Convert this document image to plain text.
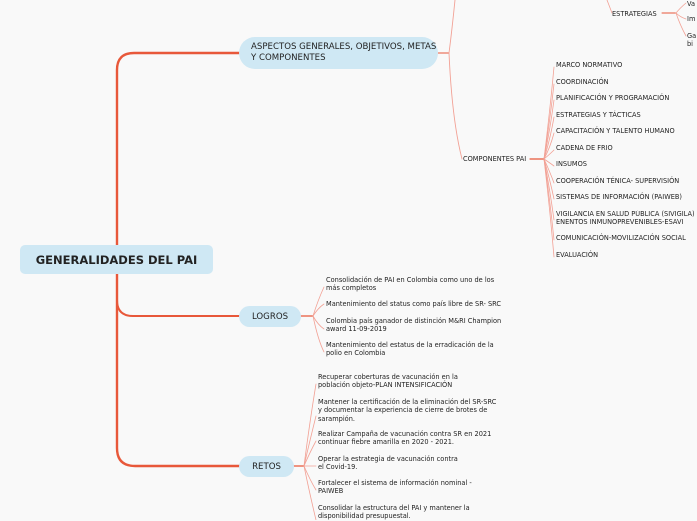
GENERALIDADES DEL PAI
ASPECTOS GENERALES, OBJETIVOS, METAS Y COMPONENTES
LOGROS
RETOS
ESTRATEGIAS
Va
Im
Ga bi
COMPONENTES PAI
MARCO NORMATIVO
COORDINACIÓN
PLANIFICACIÓN Y PROGRAMACIÓN
ESTRATEGIAS Y TÁCTICAS
CAPACITACIÓN Y TALENTO HUMANO
CADENA DE FRIO
INSUMOS
COOPERACIÓN TÉNICA- SUPERVISIÓN
SISTEMAS DE INFORMACIÓN (PAIWEB)
VIGILANCIA EN SALUD PÚBLICA (SIVIGILA) ENENTOS INMUNOPREVENIBLES-ESAVI
COMUNICACIÓN-MOVILIZACIÓN SOCIAL
EVALUACIÓN
Consolidación de PAI en Colombia como uno de los más completos
Mantenimiento del status como país libre de SR- SRC
Colombia país ganador de distinción M&RI Champion award 11-09-2019
Mantenimiento del estatus de la erradicación de la polio en Colombia
Recuperar coberturas de vacunación en la población objeto-PLAN INTENSIFICACIÓN
Mantener la certificación de la eliminación del SR-SRC y documentar la experiencia de cierre de brotes de sarampión.
Realizar Campaña de vacunación contra SR en 2021 continuar fiebre amarilla en 2020 - 2021.
Operar la estrategia de vacunación contra el Covid-19.
Fortalecer el sistema de información nominal - PAIWEB
Consolidar la estructura del PAI y mantener la disponibilidad presupuestal.
